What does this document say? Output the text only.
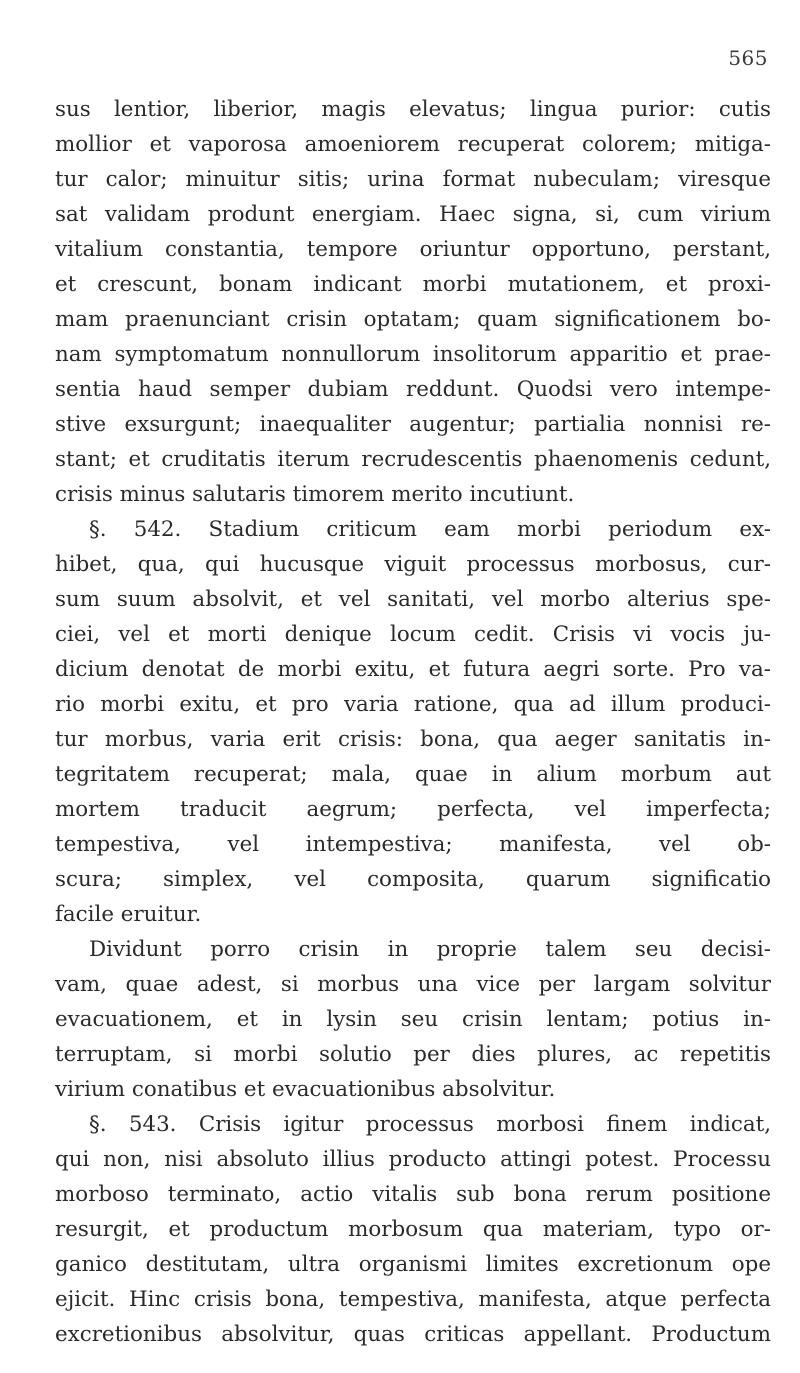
565
sus lentior, liberior, magis elevatus; lingua purior: cutis
mollior et vaporosa amoeniorem recuperat colorem; mitiga-
tur calor; minuitur sitis; urina format nubeculam; viresque
sat validam produnt energiam. Haec signa, si, cum virium
vitalium constantia, tempore oriuntur opportuno, perstant,
et crescunt, bonam indicant morbi mutationem, et proxi-
mam praenunciant crisin optatam; quam significationem bo-
nam symptomatum nonnullorum insolitorum apparitio et prae-
sentia haud semper dubiam reddunt. Quodsi vero intempe-
stive exsurgunt; inaequaliter augentur; partialia nonnisi re-
stant; et cruditatis iterum recrudescentis phaenomenis cedunt,
crisis minus salutaris timorem merito incutiunt.
§. 542. Stadium criticum eam morbi periodum ex-
hibet, qua, qui hucusque viguit processus morbosus, cur-
sum suum absolvit, et vel sanitati, vel morbo alterius spe-
ciei, vel et morti denique locum cedit. Crisis vi vocis ju-
dicium denotat de morbi exitu, et futura aegri sorte. Pro va-
rio morbi exitu, et pro varia ratione, qua ad illum produci-
tur morbus, varia erit crisis: bona, qua aeger sanitatis in-
tegritatem recuperat; mala, quae in alium morbum aut
mortem traducit aegrum; perfecta, vel imperfecta;
tempestiva, vel intempestiva; manifesta, vel ob-
scura; simplex, vel composita, quarum significatio
facile eruitur.
Dividunt porro crisin in proprie talem seu decisi-
vam, quae adest, si morbus una vice per largam solvitur
evacuationem, et in lysin seu crisin lentam; potius in-
terruptam, si morbi solutio per dies plures, ac repetitis
virium conatibus et evacuationibus absolvitur.
§. 543. Crisis igitur processus morbosi finem indicat,
qui non, nisi absoluto illius producto attingi potest. Processu
morboso terminato, actio vitalis sub bona rerum positione
resurgit, et productum morbosum qua materiam, typo or-
ganico destitutam, ultra organismi limites excretionum ope
ejicit. Hinc crisis bona, tempestiva, manifesta, atque perfecta
excretionibus absolvitur, quas criticas appellant. Productum
